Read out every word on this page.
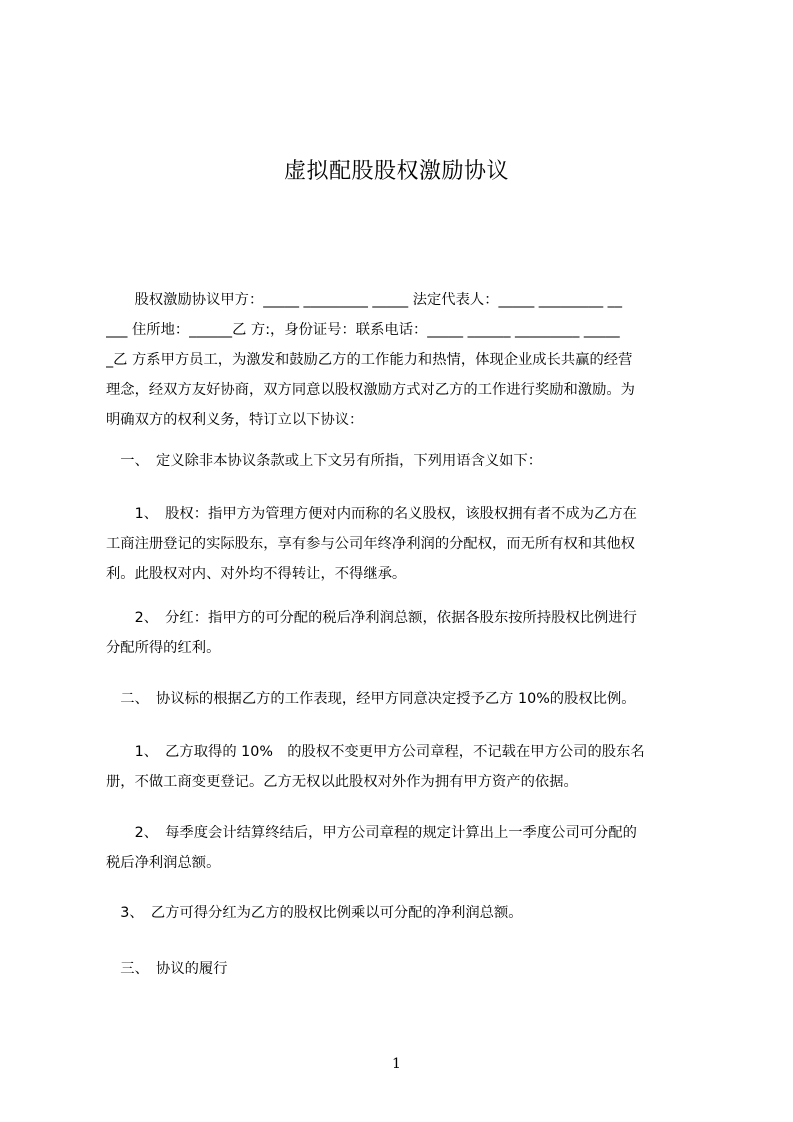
虚拟配股股权激励协议

　　股权激励协议甲方：_____ _________ _____ 法定代表人：_____ _________ __
___ 住所地：______乙 方:，身份证号：联系电话：_____ ______ _________ _____
_乙 方系甲方员工，为激发和鼓励乙方的工作能力和热情，体现企业成长共赢的经营
理念，经双方友好协商，双方同意以股权激励方式对乙方的工作进行奖励和激励。为
明确双方的权利义务，特订立以下协议：

　一、　定义除非本协议条款或上下文另有所指，下列用语含义如下：

　　1、　股权：指甲方为管理方便对内而称的名义股权，该股权拥有者不成为乙方在
工商注册登记的实际股东，享有参与公司年终净利润的分配权，而无所有权和其他权
利。此股权对内、对外均不得转让，不得继承。

　　2、　分红：指甲方的可分配的税后净利润总额，依据各股东按所持股权比例进行
分配所得的红利。

　二、　协议标的根据乙方的工作表现，经甲方同意决定授予乙方 10%的股权比例。

　　1、　乙方取得的 10%　的股权不变更甲方公司章程，不记载在甲方公司的股东名
册，不做工商变更登记。乙方无权以此股权对外作为拥有甲方资产的依据。

　　2、　每季度会计结算终结后，甲方公司章程的规定计算出上一季度公司可分配的
税后净利润总额。

　3、　乙方可得分红为乙方的股权比例乘以可分配的净利润总额。

　三、　协议的履行

1
